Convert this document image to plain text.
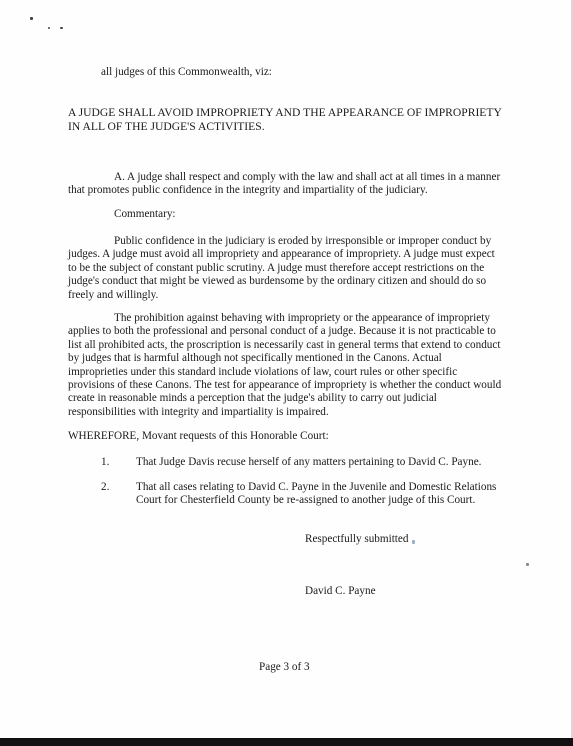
all judges of this Commonwealth, viz:
A JUDGE SHALL AVOID IMPROPRIETY AND THE APPEARANCE OF IMPROPRIETY
IN ALL OF THE JUDGE'S ACTIVITIES.
A. A judge shall respect and comply with the law and shall act at all times in a manner
that promotes public confidence in the integrity and impartiality of the judiciary.
Commentary:
Public confidence in the judiciary is eroded by irresponsible or improper conduct by
judges. A judge must avoid all impropriety and appearance of impropriety. A judge must expect
to be the subject of constant public scrutiny. A judge must therefore accept restrictions on the
judge's conduct that might be viewed as burdensome by the ordinary citizen and should do so
freely and willingly.
The prohibition against behaving with impropriety or the appearance of impropriety
applies to both the professional and personal conduct of a judge. Because it is not practicable to
list all prohibited acts, the proscription is necessarily cast in general terms that extend to conduct
by judges that is harmful although not specifically mentioned in the Canons. Actual
improprieties under this standard include violations of law, court rules or other specific
provisions of these Canons. The test for appearance of impropriety is whether the conduct would
create in reasonable minds a perception that the judge's ability to carry out judicial
responsibilities with integrity and impartiality is impaired.
WHEREFORE, Movant requests of this Honorable Court:
1. That Judge Davis recuse herself of any matters pertaining to David C. Payne.
2. That all cases relating to David C. Payne in the Juvenile and Domestic Relations
Court for Chesterfield County be re-assigned to another judge of this Court.
Respectfully submitted
David C. Payne
Page 3 of 3
